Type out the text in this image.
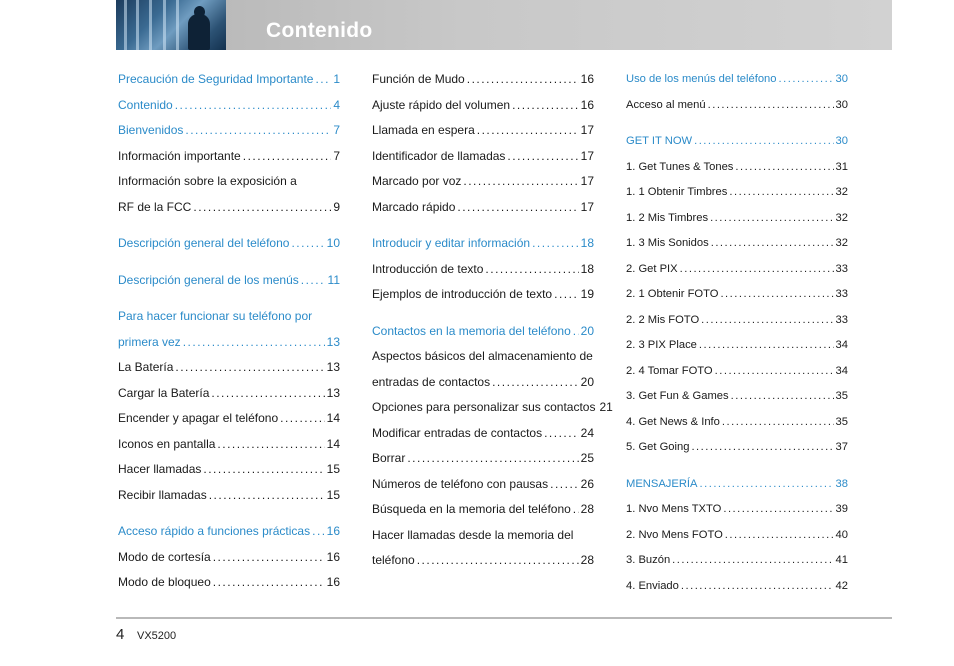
Contenido
Precaución de Seguridad Importante ..... 1
Contenido .....	4
Bienvenidos .....	7
Información importante .....	7
Información sobre la exposición a
RF de la FCC .....	9
Descripción general del teléfono .....	10
Descripción general de los menús ..... 11
Para hacer funcionar su teléfono por
primera vez .....	13
La Batería .....	13
Cargar la Batería .....	13
Encender y apagar el teléfono .....	14
Iconos en pantalla .....	14
Hacer llamadas .....	15
Recibir llamadas .....	15
Acceso rápido a funciones prácticas ..... 16
Modo de cortesía .....	16
Modo de bloqueo .....	16
Función de Mudo .....	16
Ajuste rápido del volumen .....	16
Llamada en espera .....	17
Identificador de llamadas .....	17
Marcado por voz .....	17
Marcado rápido .....	17
Introducir y editar información .....	18
Introducción de texto .....	18
Ejemplos de introducción de texto ..... 19
Contactos en la memoria del teléfono ..... 20
Aspectos básicos del almacenamiento de
entradas de contactos .....	20
Opciones para personalizar sus contactos 21
Modificar entradas de contactos .....	24
Borrar .....	25
Números de teléfono con pausas .....	26
Búsqueda en la memoria del teléfono ..... 28
Hacer llamadas desde la memoria del
teléfono .....	28
Uso de los menús del teléfono .....	30
Acceso al menú .....	30
GET IT NOW .....	30
1. Get Tunes & Tones .....	31
1. 1 Obtenir Timbres .....	32
1. 2 Mis Timbres .....	32
1. 3 Mis Sonidos .....	32
2. Get PIX .....	33
2. 1 Obtenir FOTO .....	33
2. 2 Mis FOTO .....	33
2. 3 PIX Place .....	34
2. 4 Tomar FOTO .....	34
3. Get Fun & Games .....	35
4. Get News & Info .....	35
5. Get Going .....	37
MENSAJERÍA .....	38
1. Nvo Mens TXTO .....	39
2. Nvo Mens FOTO .....	40
3. Buzón .....	41
4. Enviado .....	42
4 VX5200
